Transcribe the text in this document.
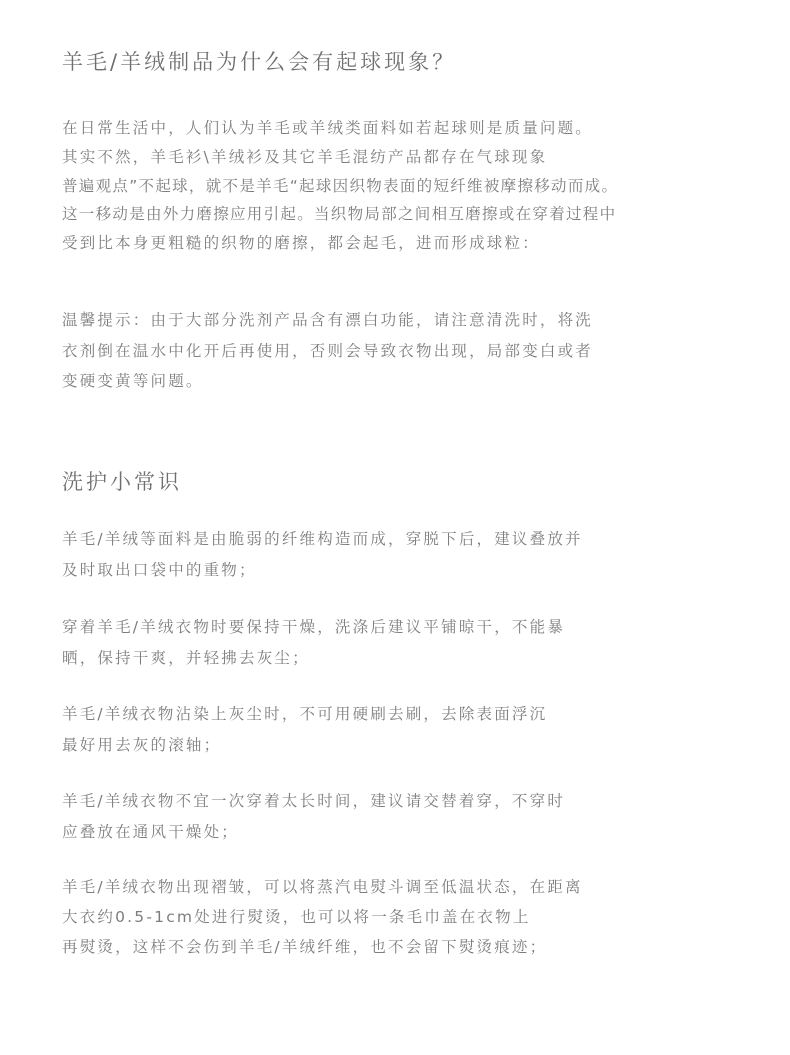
羊毛/羊绒制品为什么会有起球现象？

在日常生活中，人们认为羊毛或羊绒类面料如若起球则是质量问题。

其实不然，羊毛衫\羊绒衫及其它羊毛混纺产品都存在气球现象

普遍观点”不起球，就不是羊毛“起球因织物表面的短纤维被摩擦移动而成。

这一移动是由外力磨擦应用引起。当织物局部之间相互磨擦或在穿着过程中

受到比本身更粗糙的织物的磨擦，都会起毛，进而形成球粒：

温馨提示：由于大部分洗剂产品含有漂白功能，请注意清洗时，将洗

衣剂倒在温水中化开后再使用，否则会导致衣物出现，局部变白或者

变硬变黄等问题。

洗护小常识

羊毛/羊绒等面料是由脆弱的纤维构造而成，穿脱下后，建议叠放并

及时取出口袋中的重物；

穿着羊毛/羊绒衣物时要保持干燥，洗涤后建议平铺晾干，不能暴

晒，保持干爽，并轻拂去灰尘；

羊毛/羊绒衣物沾染上灰尘时，不可用硬刷去刷，去除表面浮沉

最好用去灰的滚轴；

羊毛/羊绒衣物不宜一次穿着太长时间，建议请交替着穿，不穿时

应叠放在通风干燥处；

羊毛/羊绒衣物出现褶皱，可以将蒸汽电熨斗调至低温状态，在距离

大衣约0.5-1cm处进行熨烫，也可以将一条毛巾盖在衣物上

再熨烫，这样不会伤到羊毛/羊绒纤维，也不会留下熨烫痕迹；
